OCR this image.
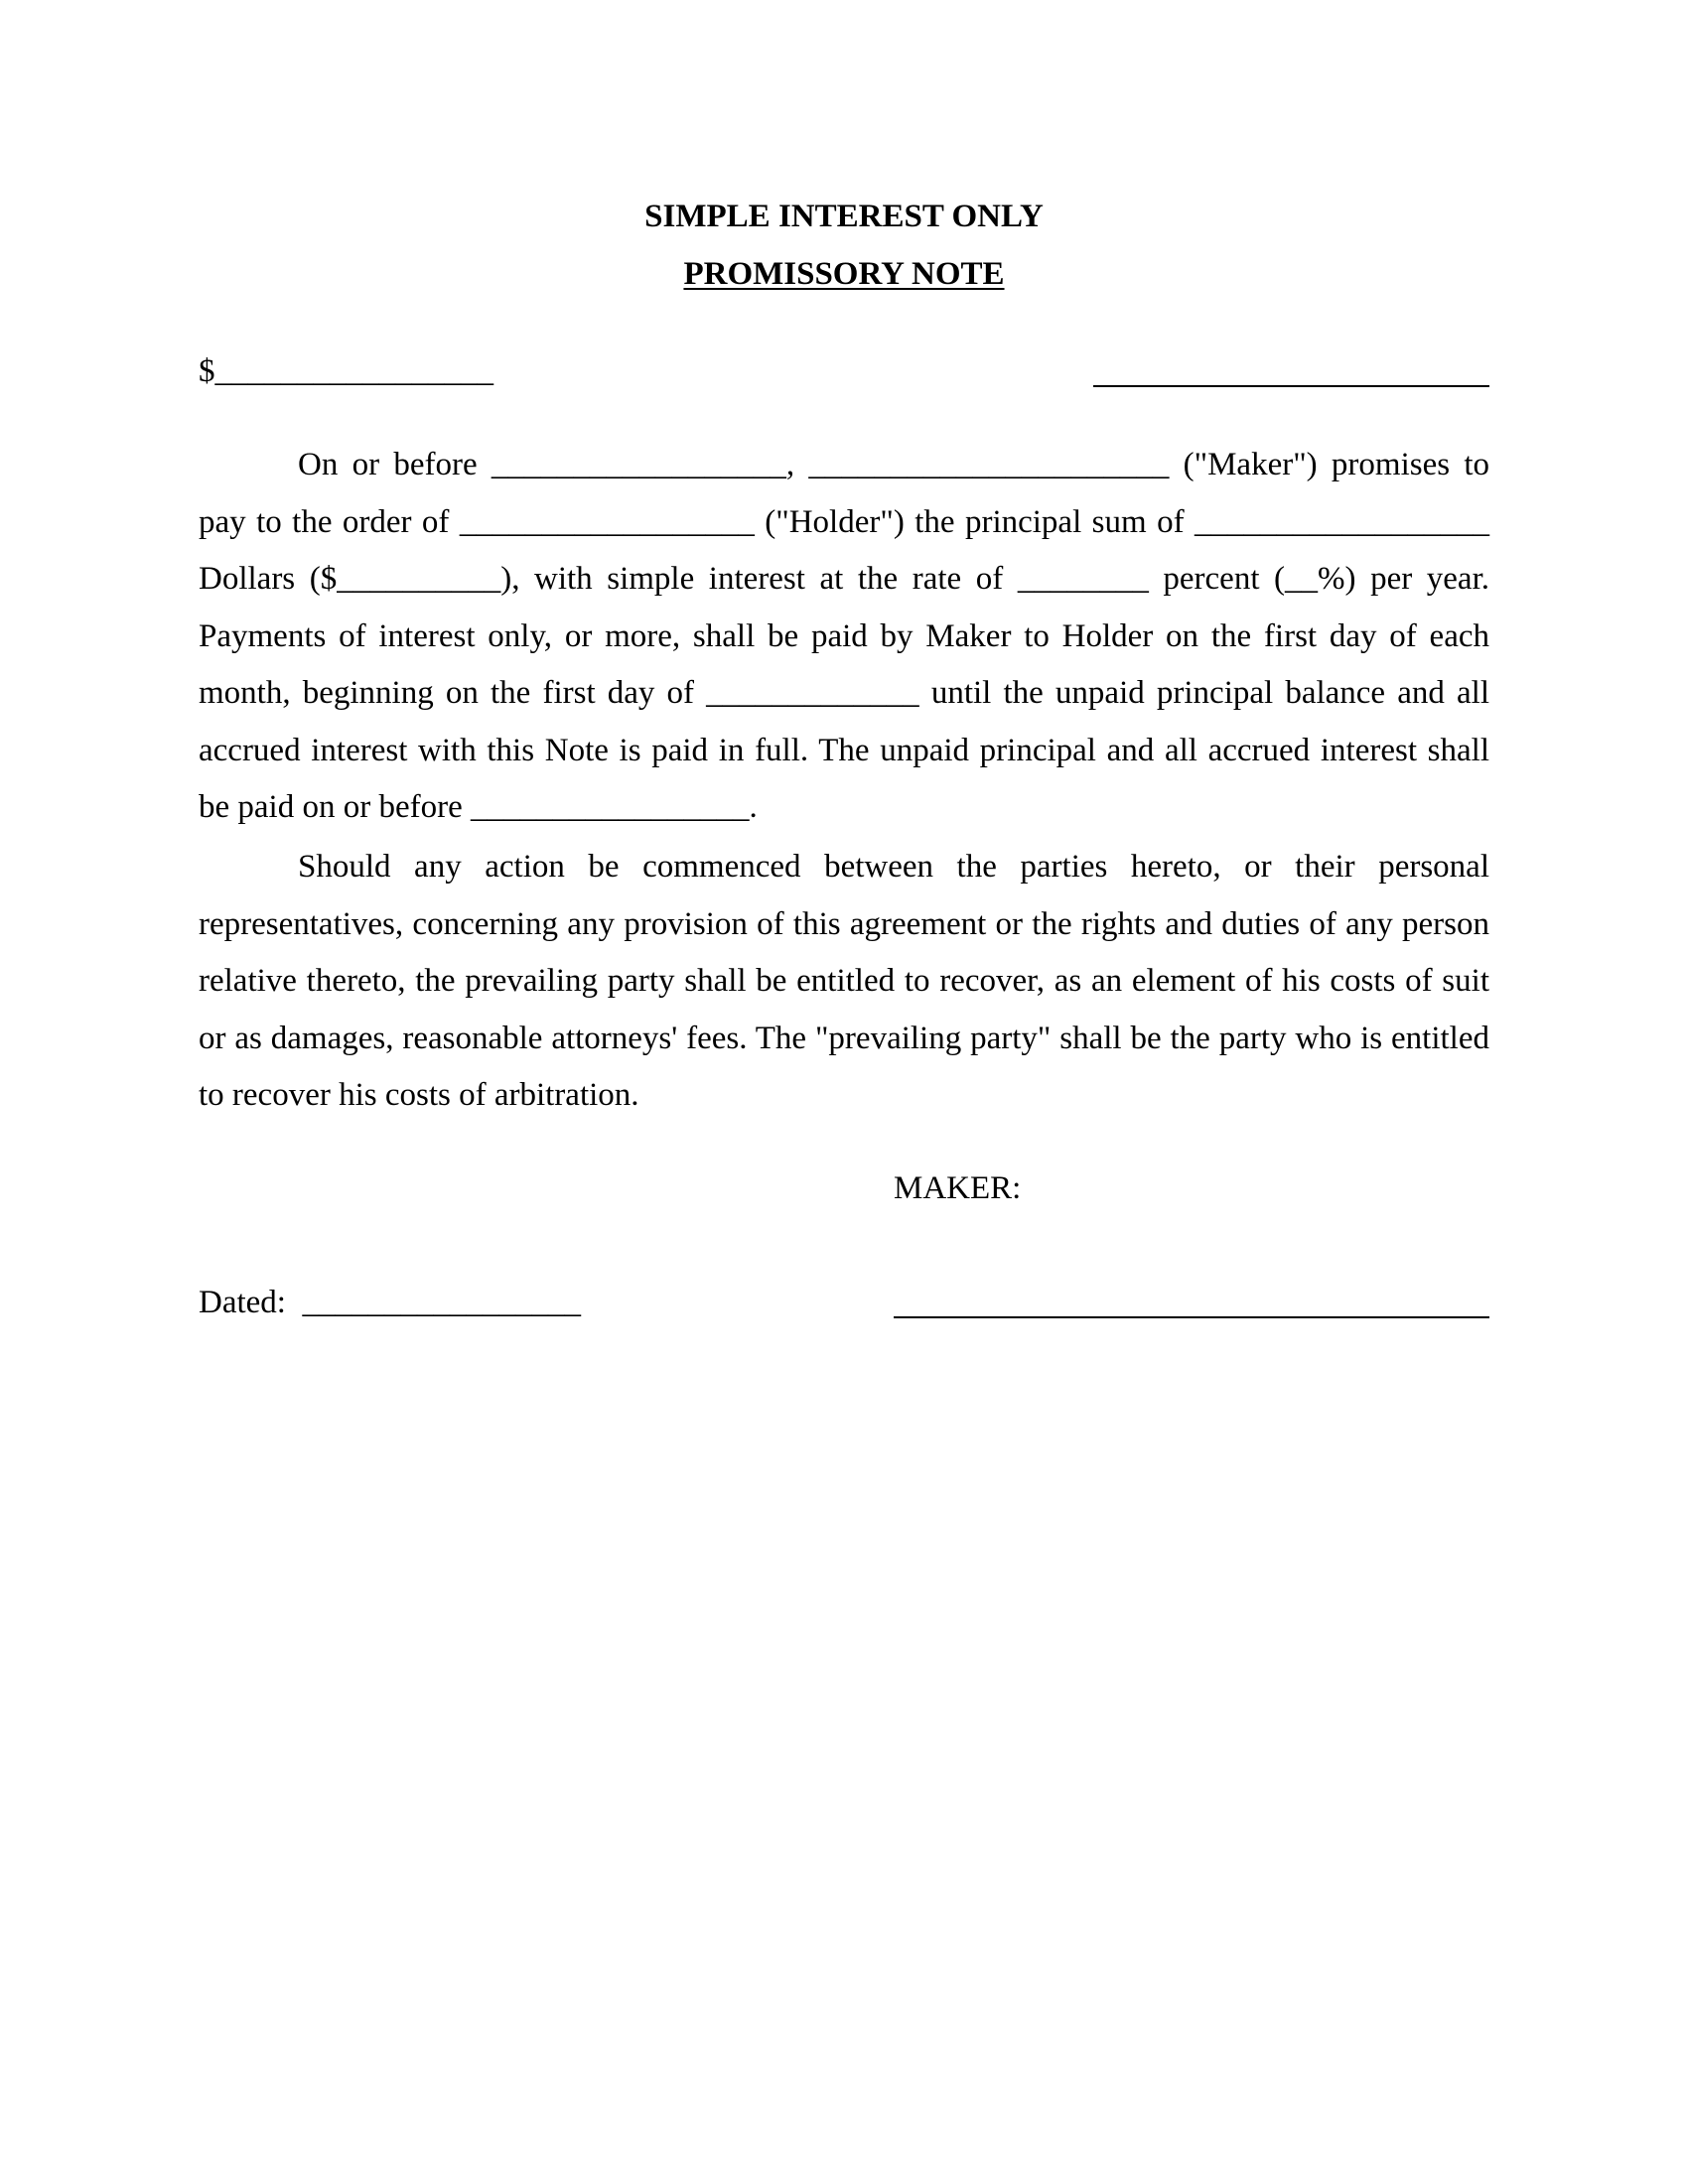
SIMPLE INTEREST ONLY
PROMISSORY NOTE
$_________________

On or before __________________, ______________________ ("Maker") promises to pay to the order of __________________ ("Holder") the principal sum of __________________ Dollars ($__________), with simple interest at the rate of ________ percent (__%) per year. Payments of interest only, or more, shall be paid by Maker to Holder on the first day of each month, beginning on the first day of _____________ until the unpaid principal balance and all accrued interest with this Note is paid in full. The unpaid principal and all accrued interest shall be paid on or before _________________.

Should any action be commenced between the parties hereto, or their personal representatives, concerning any provision of this agreement or the rights and duties of any person relative thereto, the prevailing party shall be entitled to recover, as an element of his costs of suit or as damages, reasonable attorneys' fees. The "prevailing party" shall be the party who is entitled to recover his costs of arbitration.

MAKER:
Dated:  _________________
